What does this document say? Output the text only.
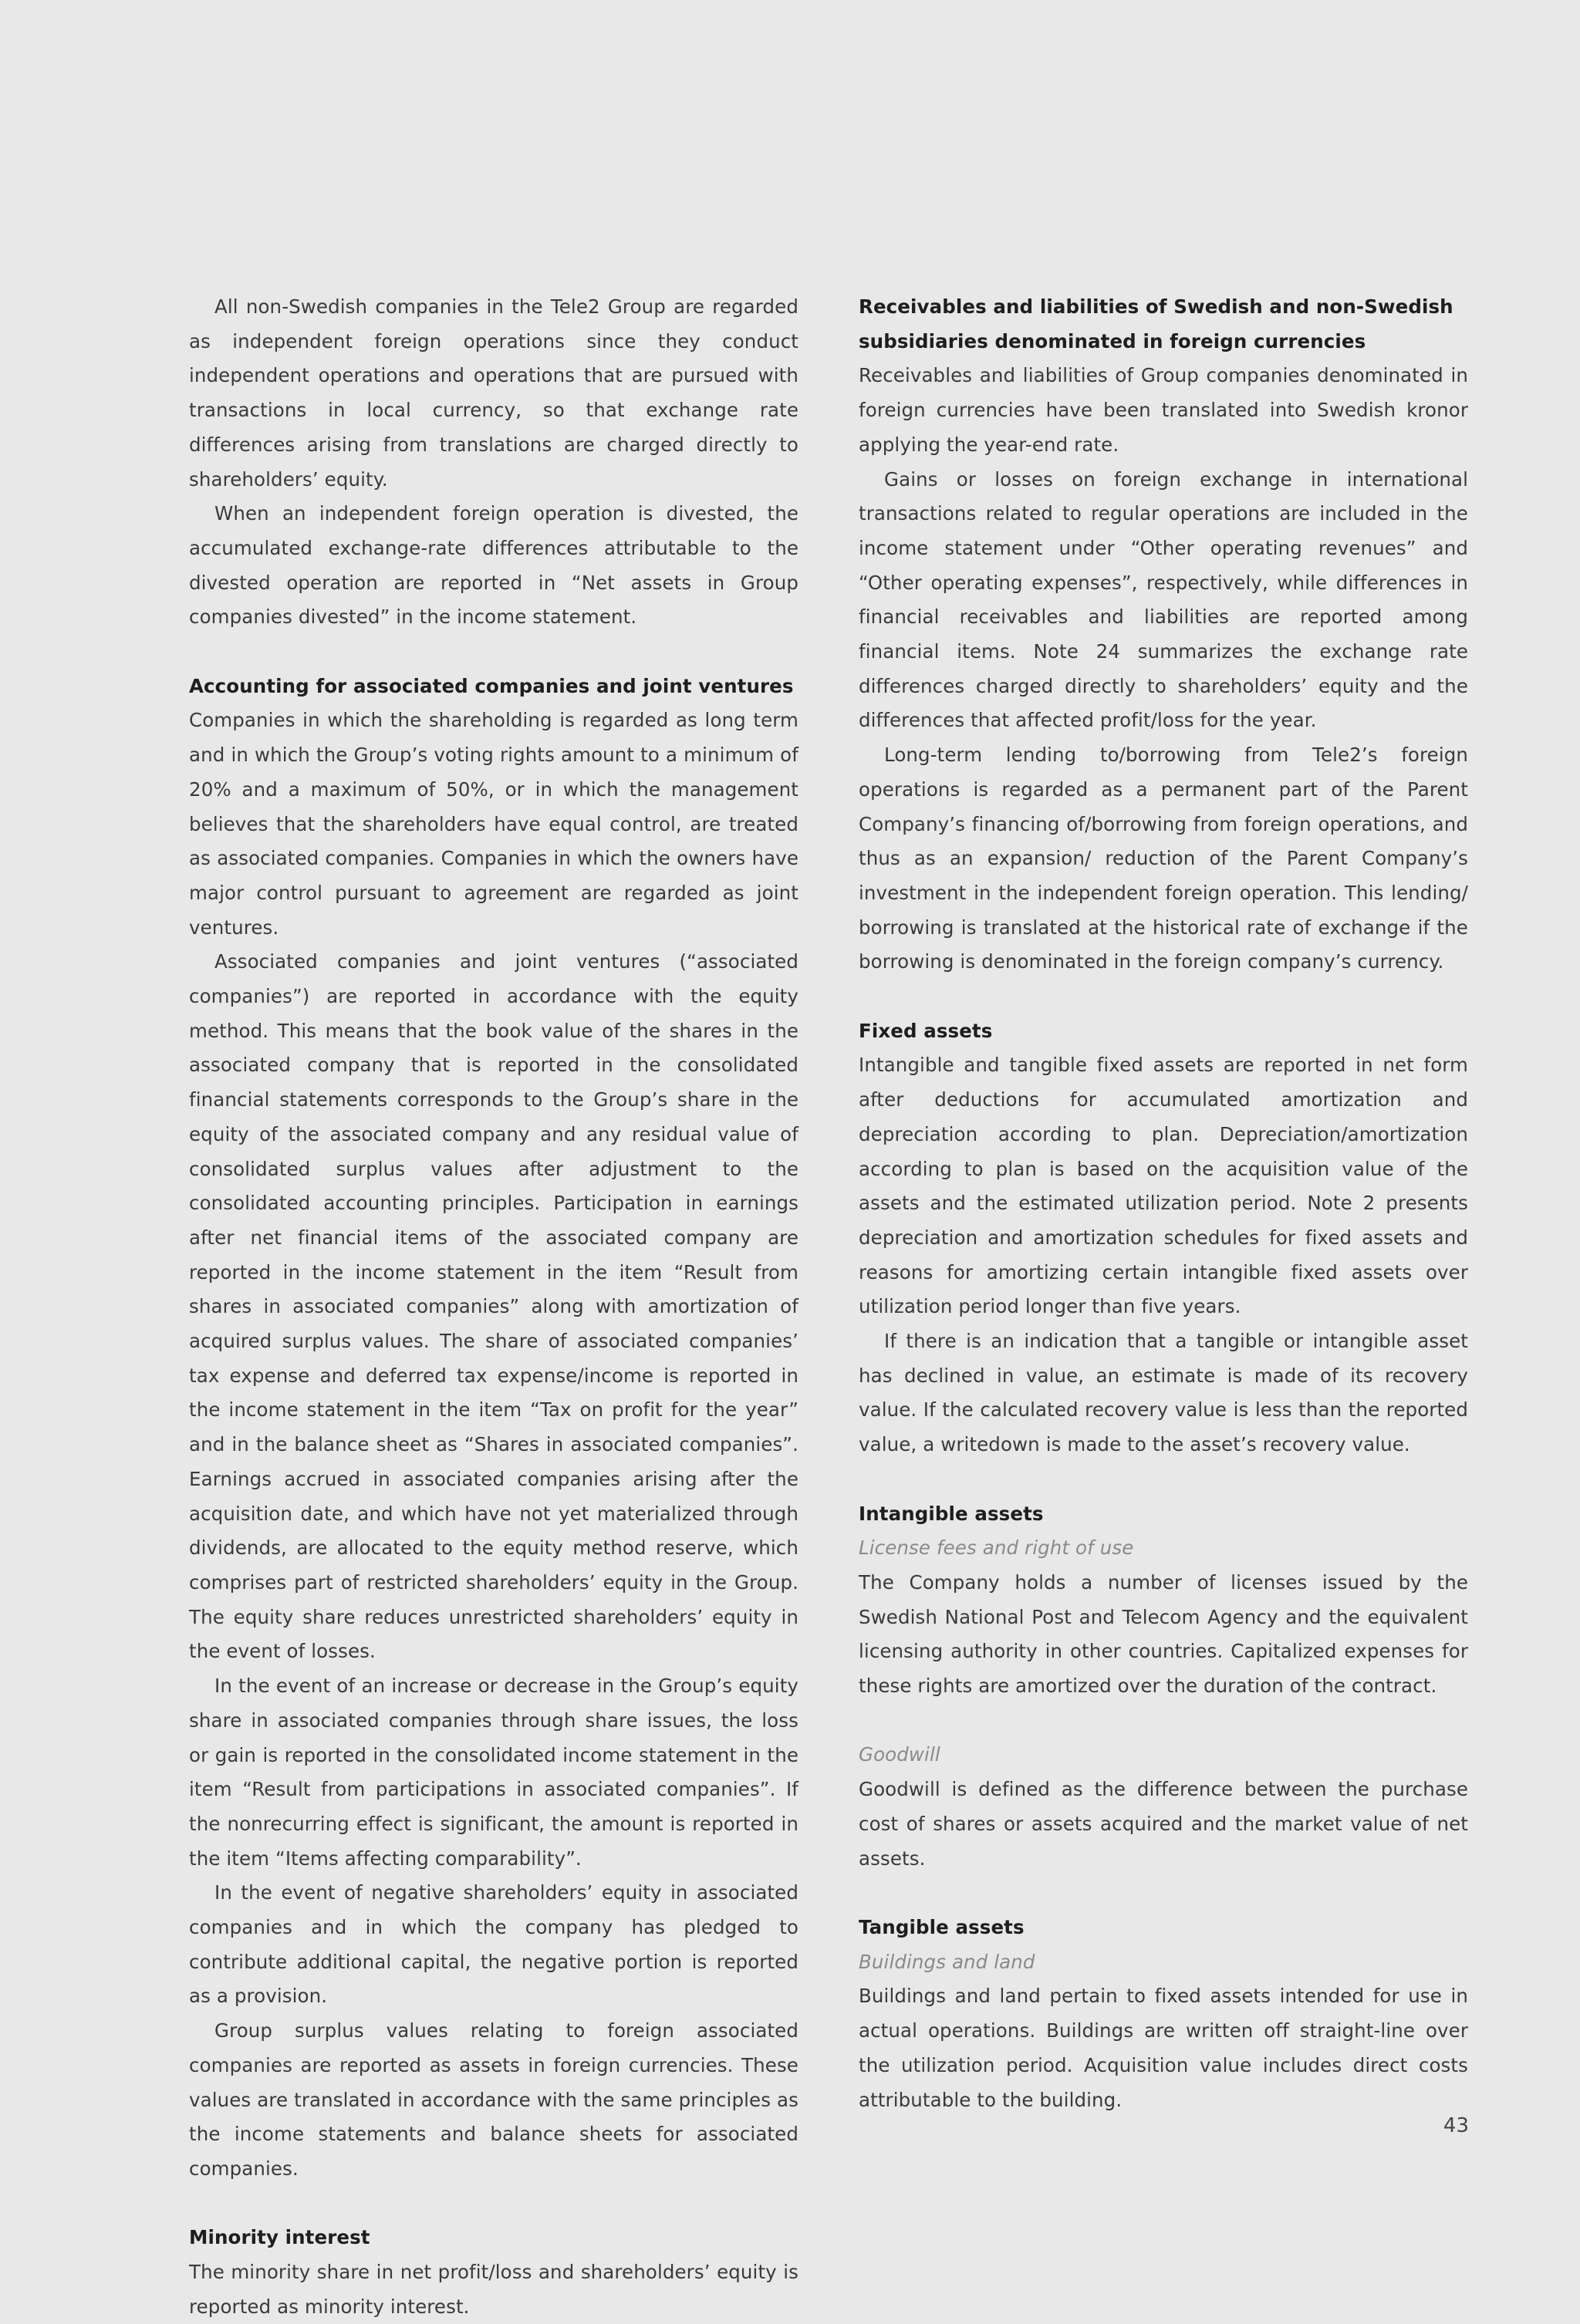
All non-Swedish companies in the Tele2 Group are regarded as independent foreign operations since they conduct independent operations and operations that are pursued with transactions in local currency, so that exchange rate differences arising from translations are charged directly to shareholders’ equity.

When an independent foreign operation is divested, the accumulated exchange-rate differences attributable to the divested operation are reported in “Net assets in Group companies divested” in the income statement.

Accounting for associated companies and joint ventures

Companies in which the shareholding is regarded as long term and in which the Group’s voting rights amount to a minimum of 20% and a maximum of 50%, or in which the management believes that the shareholders have equal control, are treated as associated companies. Companies in which the owners have major control pursuant to agreement are regarded as joint ventures.

Associated companies and joint ventures (“associated companies”) are reported in accordance with the equity method. This means that the book value of the shares in the associated company that is reported in the consolidated financial statements corresponds to the Group’s share in the equity of the associated company and any residual value of consolidated surplus values after adjustment to the consolidated accounting principles. Participation in earnings after net financial items of the associated company are reported in the income statement in the item “Result from shares in associated companies” along with amortization of acquired surplus values. The share of associated companies’ tax expense and deferred tax expense/income is reported in the income statement in the item “Tax on profit for the year” and in the balance sheet as “Shares in associated companies”. Earnings accrued in associated companies arising after the acquisition date, and which have not yet materialized through dividends, are allocated to the equity method reserve, which comprises part of restricted shareholders’ equity in the Group. The equity share reduces unrestricted shareholders’ equity in the event of losses.

In the event of an increase or decrease in the Group’s equity share in associated companies through share issues, the loss or gain is reported in the consolidated income statement in the item “Result from participations in associated companies”. If the nonrecurring effect is significant, the amount is reported in the item “Items affecting comparability”.

In the event of negative shareholders’ equity in associated companies and in which the company has pledged to contribute additional capital, the negative portion is reported as a provision.

Group surplus values relating to foreign associated companies are reported as assets in foreign currencies. These values are translated in accordance with the same principles as the income statements and balance sheets for associated companies.

Minority interest

The minority share in net profit/loss and shareholders’ equity is reported as minority interest.

Receivables and liabilities of Swedish and non-Swedish subsidiaries denominated in foreign currencies

Receivables and liabilities of Group companies denominated in foreign currencies have been translated into Swedish kronor applying the year-end rate.

Gains or losses on foreign exchange in international transactions related to regular operations are included in the income statement under “Other operating revenues” and “Other operating expenses”, respectively, while differences in financial receivables and liabilities are reported among financial items. Note 24 summarizes the exchange rate differences charged directly to shareholders’ equity and the differences that affected profit/loss for the year.

Long-term lending to/borrowing from Tele2’s foreign operations is regarded as a permanent part of the Parent Company’s financing of/borrowing from foreign operations, and thus as an expansion/ reduction of the Parent Company’s investment in the independent foreign operation. This lending/ borrowing is translated at the historical rate of exchange if the borrowing is denominated in the foreign company’s currency.

Fixed assets

Intangible and tangible fixed assets are reported in net form after deductions for accumulated amortization and depreciation according to plan. Depreciation/amortization according to plan is based on the acquisition value of the assets and the estimated utilization period. Note 2 presents depreciation and amortization schedules for fixed assets and reasons for amortizing certain intangible fixed assets over utilization period longer than five years.

If there is an indication that a tangible or intangible asset has declined in value, an estimate is made of its recovery value. If the calculated recovery value is less than the reported value, a writedown is made to the asset’s recovery value.

Intangible assets
License fees and right of use

The Company holds a number of licenses issued by the Swedish National Post and Telecom Agency and the equivalent licensing authority in other countries. Capitalized expenses for these rights are amortized over the duration of the contract.

Goodwill

Goodwill is defined as the difference between the purchase cost of shares or assets acquired and the market value of net assets.

Tangible assets
Buildings and land

Buildings and land pertain to fixed assets intended for use in actual operations. Buildings are written off straight-line over the utilization period. Acquisition value includes direct costs attributable to the building.

43
